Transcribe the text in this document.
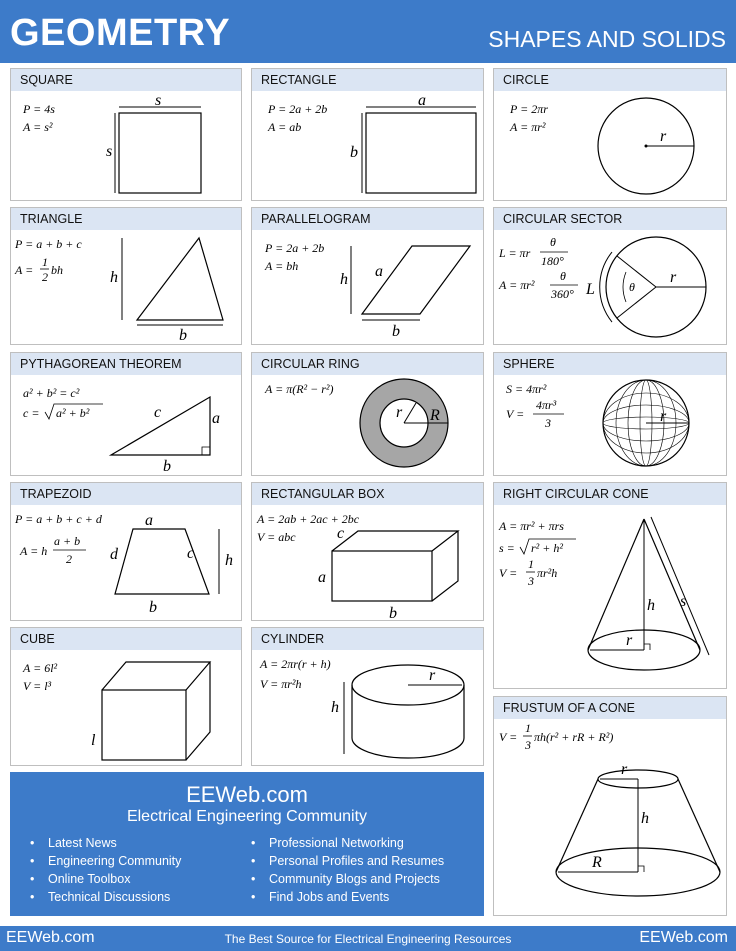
GEOMETRY	SHAPES AND SOLIDS
SQUARE
P = 4s
A = s²
s
s
RECTANGLE
P = 2a + 2b
A = ab
a
b
CIRCLE
P = 2πr
A = πr²
r
TRIANGLE
P = a + b + c
A =
1
2 bh	h
b
PARALLELOGRAM
P = 2a + 2b
A = bh	a
h
b
CIRCULAR SECTOR
L = πr
θ
180°
A = πr²
θ
360° L	θ
r
PYTHAGOREAN THEOREM
a² + b² = c²
c = a² + b²	c	a
b
CIRCULAR RING
A = π(R² − r²)
r R
SPHERE
S = 4πr²
V =
4πr³
3	r
TRAPEZOID
P = a + b + c + d
A = h
a + b
2
a
b
c
d	h
RECTANGULAR BOX
A = 2ab + 2ac + 2bc
V = abc	c
a
b
RIGHT CIRCULAR CONE
A = πr² + πrs
s = r² + h²
V =
1
3
πr²h
h s
r
CUBE
A = 6l²
V = l³
l
CYLINDER
A = 2πr(r + h)
V = πr²h	r
h	FRUSTUM OF A CONE
V =
1
3
πh(r² + rR + R²)
r
h
R
EEWeb.com
Electrical Engineering Community
• Latest News
• Engineering Community
• Online Toolbox
• Technical Discussions
• Professional Networking
• Personal Profiles and Resumes
• Community Blogs and Projects
• Find Jobs and Events
EEWeb.com	The Best Source for Electrical Engineering Resources	EEWeb.com
